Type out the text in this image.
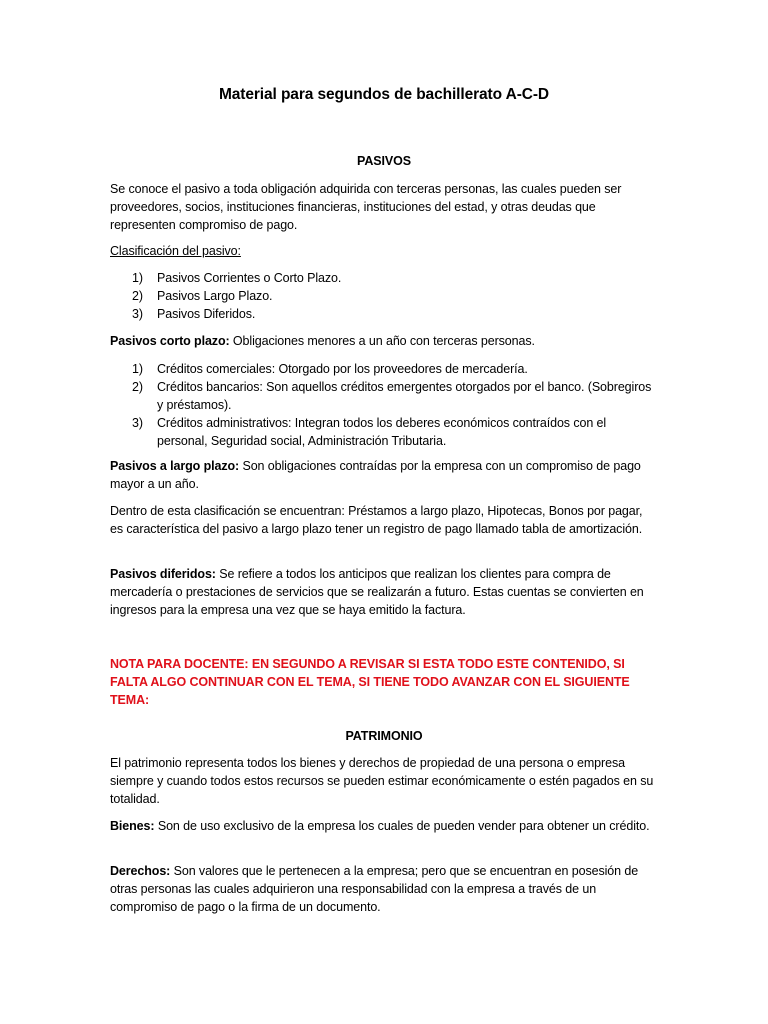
Material para segundos de bachillerato A-C-D

PASIVOS

Se conoce el pasivo a toda obligación adquirida con terceras personas, las cuales pueden ser proveedores, socios, instituciones financieras, instituciones del estad, y otras deudas que representen compromiso de pago.

Clasificación del pasivo:

1) Pasivos Corrientes o Corto Plazo.
2) Pasivos Largo Plazo.
3) Pasivos Diferidos.

Pasivos corto plazo: Obligaciones menores a un año con terceras personas.

1) Créditos comerciales: Otorgado por los proveedores de mercadería.
2) Créditos bancarios: Son aquellos créditos emergentes otorgados por el banco. (Sobregiros y préstamos).
3) Créditos administrativos: Integran todos los deberes económicos contraídos con el personal, Seguridad social, Administración Tributaria.

Pasivos a largo plazo: Son obligaciones contraídas por la empresa con un compromiso de pago mayor a un año.

Dentro de esta clasificación se encuentran: Préstamos a largo plazo, Hipotecas, Bonos por pagar, es característica del pasivo a largo plazo tener un registro de pago llamado tabla de amortización.

Pasivos diferidos: Se refiere a todos los anticipos que realizan los clientes para compra de mercadería o prestaciones de servicios que se realizarán a futuro. Estas cuentas se convierten en ingresos para la empresa una vez que se haya emitido la factura.

NOTA PARA DOCENTE: EN SEGUNDO A REVISAR SI ESTA TODO ESTE CONTENIDO, SI FALTA ALGO CONTINUAR CON EL TEMA, SI TIENE TODO AVANZAR CON EL SIGUIENTE TEMA:

PATRIMONIO

El patrimonio representa todos los bienes y derechos de propiedad de una persona o empresa siempre y cuando todos estos recursos se pueden estimar económicamente o estén pagados en su totalidad.

Bienes: Son de uso exclusivo de la empresa los cuales de pueden vender para obtener un crédito.

Derechos: Son valores que le pertenecen a la empresa; pero que se encuentran en posesión de otras personas las cuales adquirieron una responsabilidad con la empresa a través de un compromiso de pago o la firma de un documento.
